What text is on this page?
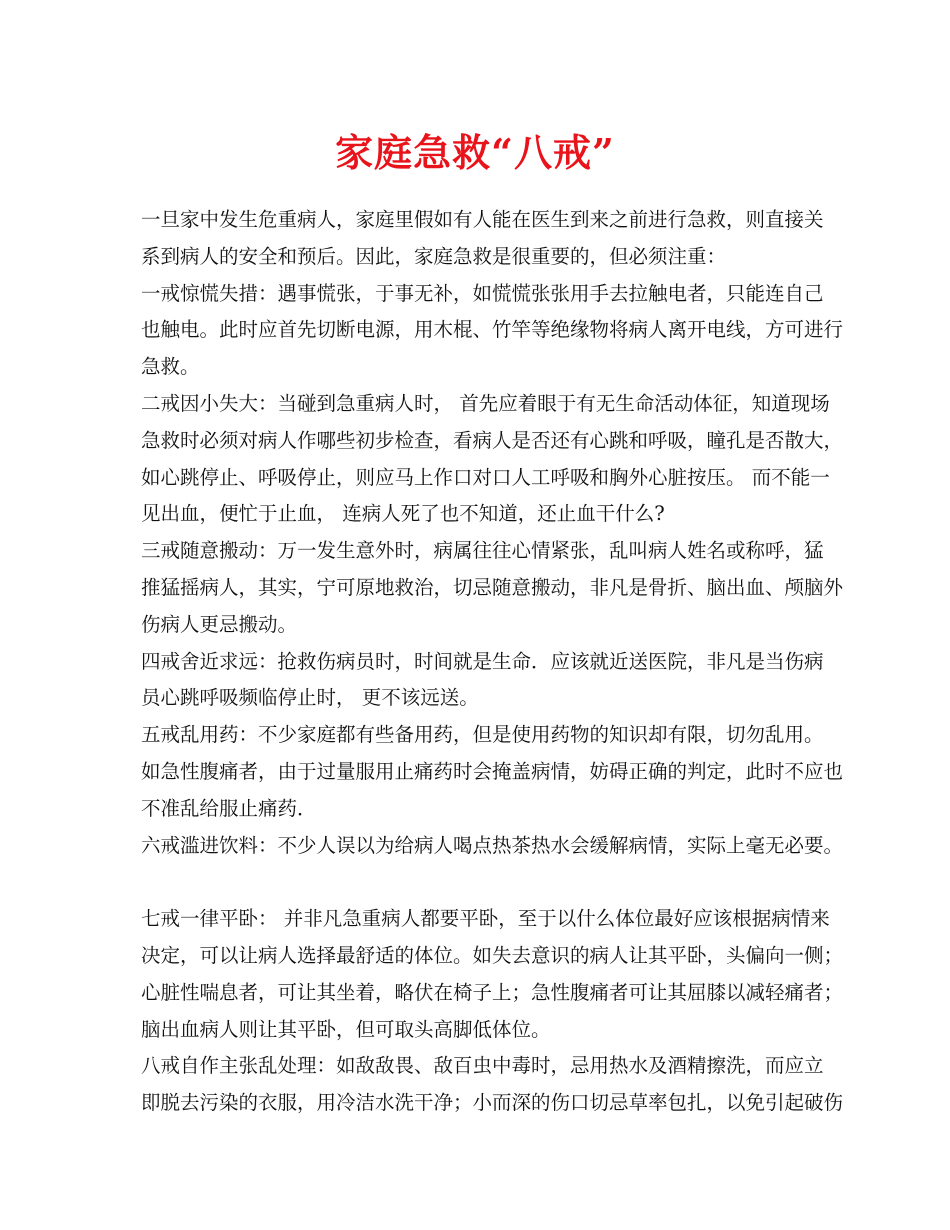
家庭急救“八戒”
一旦家中发生危重病人，家庭里假如有人能在医生到来之前进行急救，则直接关
系到病人的安全和预后。因此，家庭急救是很重要的，但必须注重：
一戒惊慌失措：遇事慌张，于事无补，如慌慌张张用手去拉触电者，只能连自己
也触电。此时应首先切断电源，用木棍、竹竿等绝缘物将病人离开电线，方可进行
急救。
二戒因小失大：当碰到急重病人时， 首先应着眼于有无生命活动体征，知道现场
急救时必须对病人作哪些初步检查，看病人是否还有心跳和呼吸，瞳孔是否散大，
如心跳停止、呼吸停止，则应马上作口对口人工呼吸和胸外心脏按压。 而不能一
见出血，便忙于止血， 连病人死了也不知道，还止血干什么?
三戒随意搬动：万一发生意外时，病属往往心情紧张，乱叫病人姓名或称呼，猛
推猛摇病人，其实，宁可原地救治，切忌随意搬动，非凡是骨折、脑出血、颅脑外
伤病人更忌搬动。
四戒舍近求远：抢救伤病员时，时间就是生命．应该就近送医院，非凡是当伤病
员心跳呼吸频临停止时， 更不该远送。
五戒乱用药：不少家庭都有些备用药，但是使用药物的知识却有限，切勿乱用。
如急性腹痛者，由于过量服用止痛药时会掩盖病情，妨碍正确的判定，此时不应也
不准乱给服止痛药．
六戒滥进饮料：不少人误以为给病人喝点热茶热水会缓解病情，实际上毫无必要。
七戒一律平卧： 并非凡急重病人都要平卧，至于以什么体位最好应该根据病情来
决定，可以让病人选择最舒适的体位。如失去意识的病人让其平卧，头偏向一侧；
心脏性喘息者，可让其坐着，略伏在椅子上；急性腹痛者可让其屈膝以减轻痛者；
脑出血病人则让其平卧，但可取头高脚低体位。
八戒自作主张乱处理：如敌敌畏、敌百虫中毒时，忌用热水及酒精擦洗，而应立
即脱去污染的衣服，用冷洁水洗干净；小而深的伤口切忌草率包扎，以免引起破伤
